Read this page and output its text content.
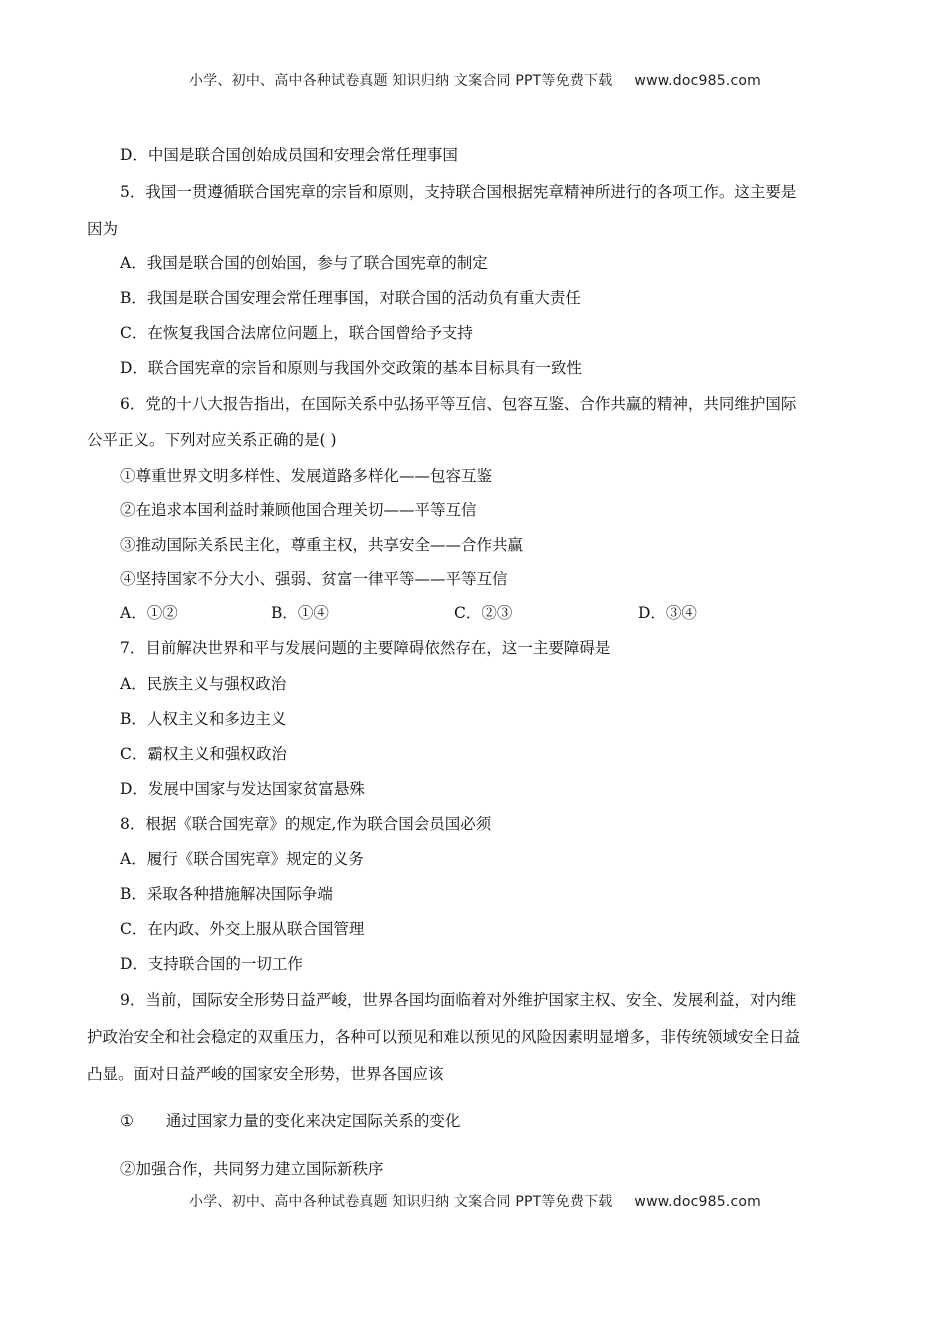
小学、初中、高中各种试卷真题 知识归纳 文案合同 PPT等免费下载 www.doc985.com
D．中国是联合国创始成员国和安理会常任理事国
5．我国一贯遵循联合国宪章的宗旨和原则，支持联合国根据宪章精神所进行的各项工作。这主要是
因为
A．我国是联合国的创始国，参与了联合国宪章的制定
B．我国是联合国安理会常任理事国，对联合国的活动负有重大责任
C．在恢复我国合法席位问题上，联合国曾给予支持
D．联合国宪章的宗旨和原则与我国外交政策的基本目标具有一致性
6．党的十八大报告指出，在国际关系中弘扬平等互信、包容互鉴、合作共赢的精神，共同维护国际
公平正义。下列对应关系正确的是( )
①尊重世界文明多样性、发展道路多样化——包容互鉴
②在追求本国利益时兼顾他国合理关切——平等互信
③推动国际关系民主化，尊重主权，共享安全——合作共赢
④坚持国家不分大小、强弱、贫富一律平等——平等互信
A．①②	B．①④	C．②③	D．③④
7．目前解决世界和平与发展问题的主要障碍依然存在，这一主要障碍是
A．民族主义与强权政治
B．人权主义和多边主义
C．霸权主义和强权政治
D．发展中国家与发达国家贫富悬殊
8．根据《联合国宪章》的规定,作为联合国会员国必须
A．履行《联合国宪章》规定的义务
B．采取各种措施解决国际争端
C．在内政、外交上服从联合国管理
D．支持联合国的一切工作
9．当前，国际安全形势日益严峻，世界各国均面临着对外维护国家主权、安全、发展利益，对内维
护政治安全和社会稳定的双重压力，各种可以预见和难以预见的风险因素明显增多，非传统领域安全日益
凸显。面对日益严峻的国家安全形势，世界各国应该
① 通过国家力量的变化来决定国际关系的变化
②加强合作，共同努力建立国际新秩序
小学、初中、高中各种试卷真题 知识归纳 文案合同 PPT等免费下载 www.doc985.com
